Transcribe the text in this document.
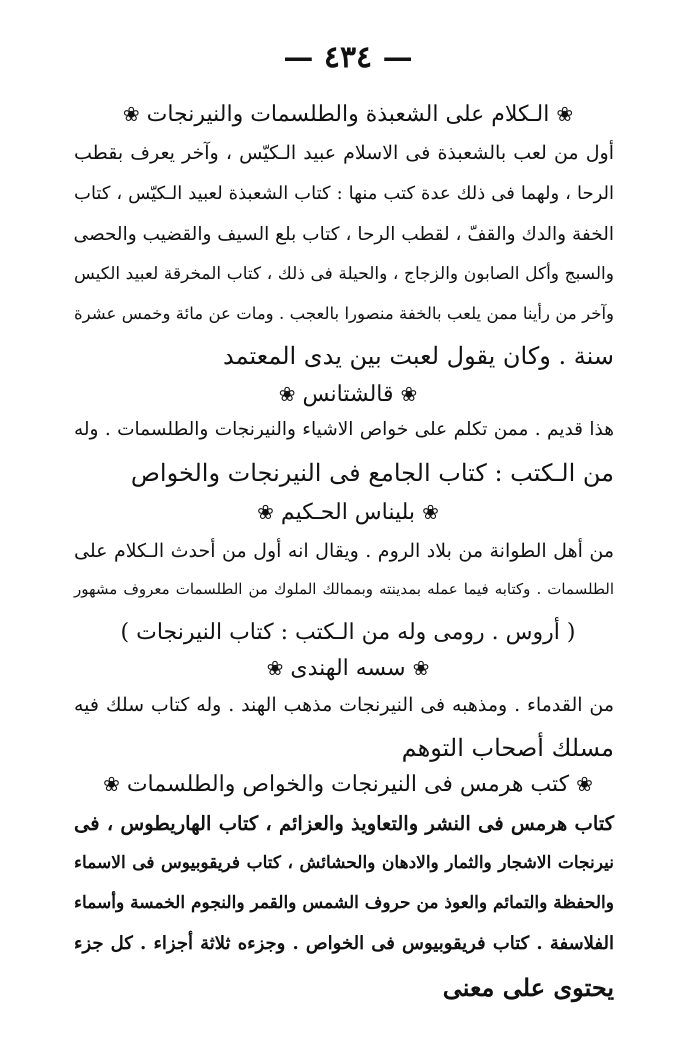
— ٤٣٤ —
❀ الـكلام على الشعبذة والطلسمات والنيرنجات ❀
أول من لعب بالشعبذة فى الاسلام عبيد الـكيّس ، وآخر يعرف بقطب
الرحا ، ولهما فى ذلك عدة كتب منها : كتاب الشعبذة لعبيد الـكيّس ، كتاب
الخفة والدك والقفّ ، لقطب الرحا ، كتاب بلع السيف والقضيب والحصى
والسبج وأكل الصابون والزجاج ، والحيلة فى ذلك ، كتاب المخرقة لعبيد الكيس
وآخر من رأينا ممن يلعب بالخفة منصورا بالعجب . ومات عن مائة وخمس عشرة
سنة . وكان يقول لعبت بين يدى المعتمد
❀ قالشتانس ❀
هذا قديم . ممن تكلم على خواص الاشياء والنيرنجات والطلسمات . وله
من الـكتب : كتاب الجامع فى النيرنجات والخواص
❀ بليناس الحـكيم ❀
من أهل الطوانة من بلاد الروم . ويقال انه أول من أحدث الـكلام على
الطلسمات . وكتابه فيما عمله بمدينته وبممالك الملوك من الطلسمات معروف مشهور
( أروس . رومى وله من الـكتب : كتاب النيرنجات )
❀ سسه الهندى ❀
من القدماء . ومذهبه فى النيرنجات مذهب الهند . وله كتاب سلك فيه
مسلك أصحاب التوهم
❀ كتب هرمس فى النيرنجات والخواص والطلسمات ❀
كتاب هرمس فى النشر والتعاويذ والعزائم ، كتاب الهاريطوس ، فى
نيرنجات الاشجار والثمار والادهان والحشائش ، كتاب فريقوبيوس فى الاسماء
والحفظة والتمائم والعوذ من حروف الشمس والقمر والنجوم الخمسة وأسماء
الفلاسفة . كتاب فريقوبيوس فى الخواص . وجزءه ثلاثة أجزاء . كل جزء
يحتوى على معنى
